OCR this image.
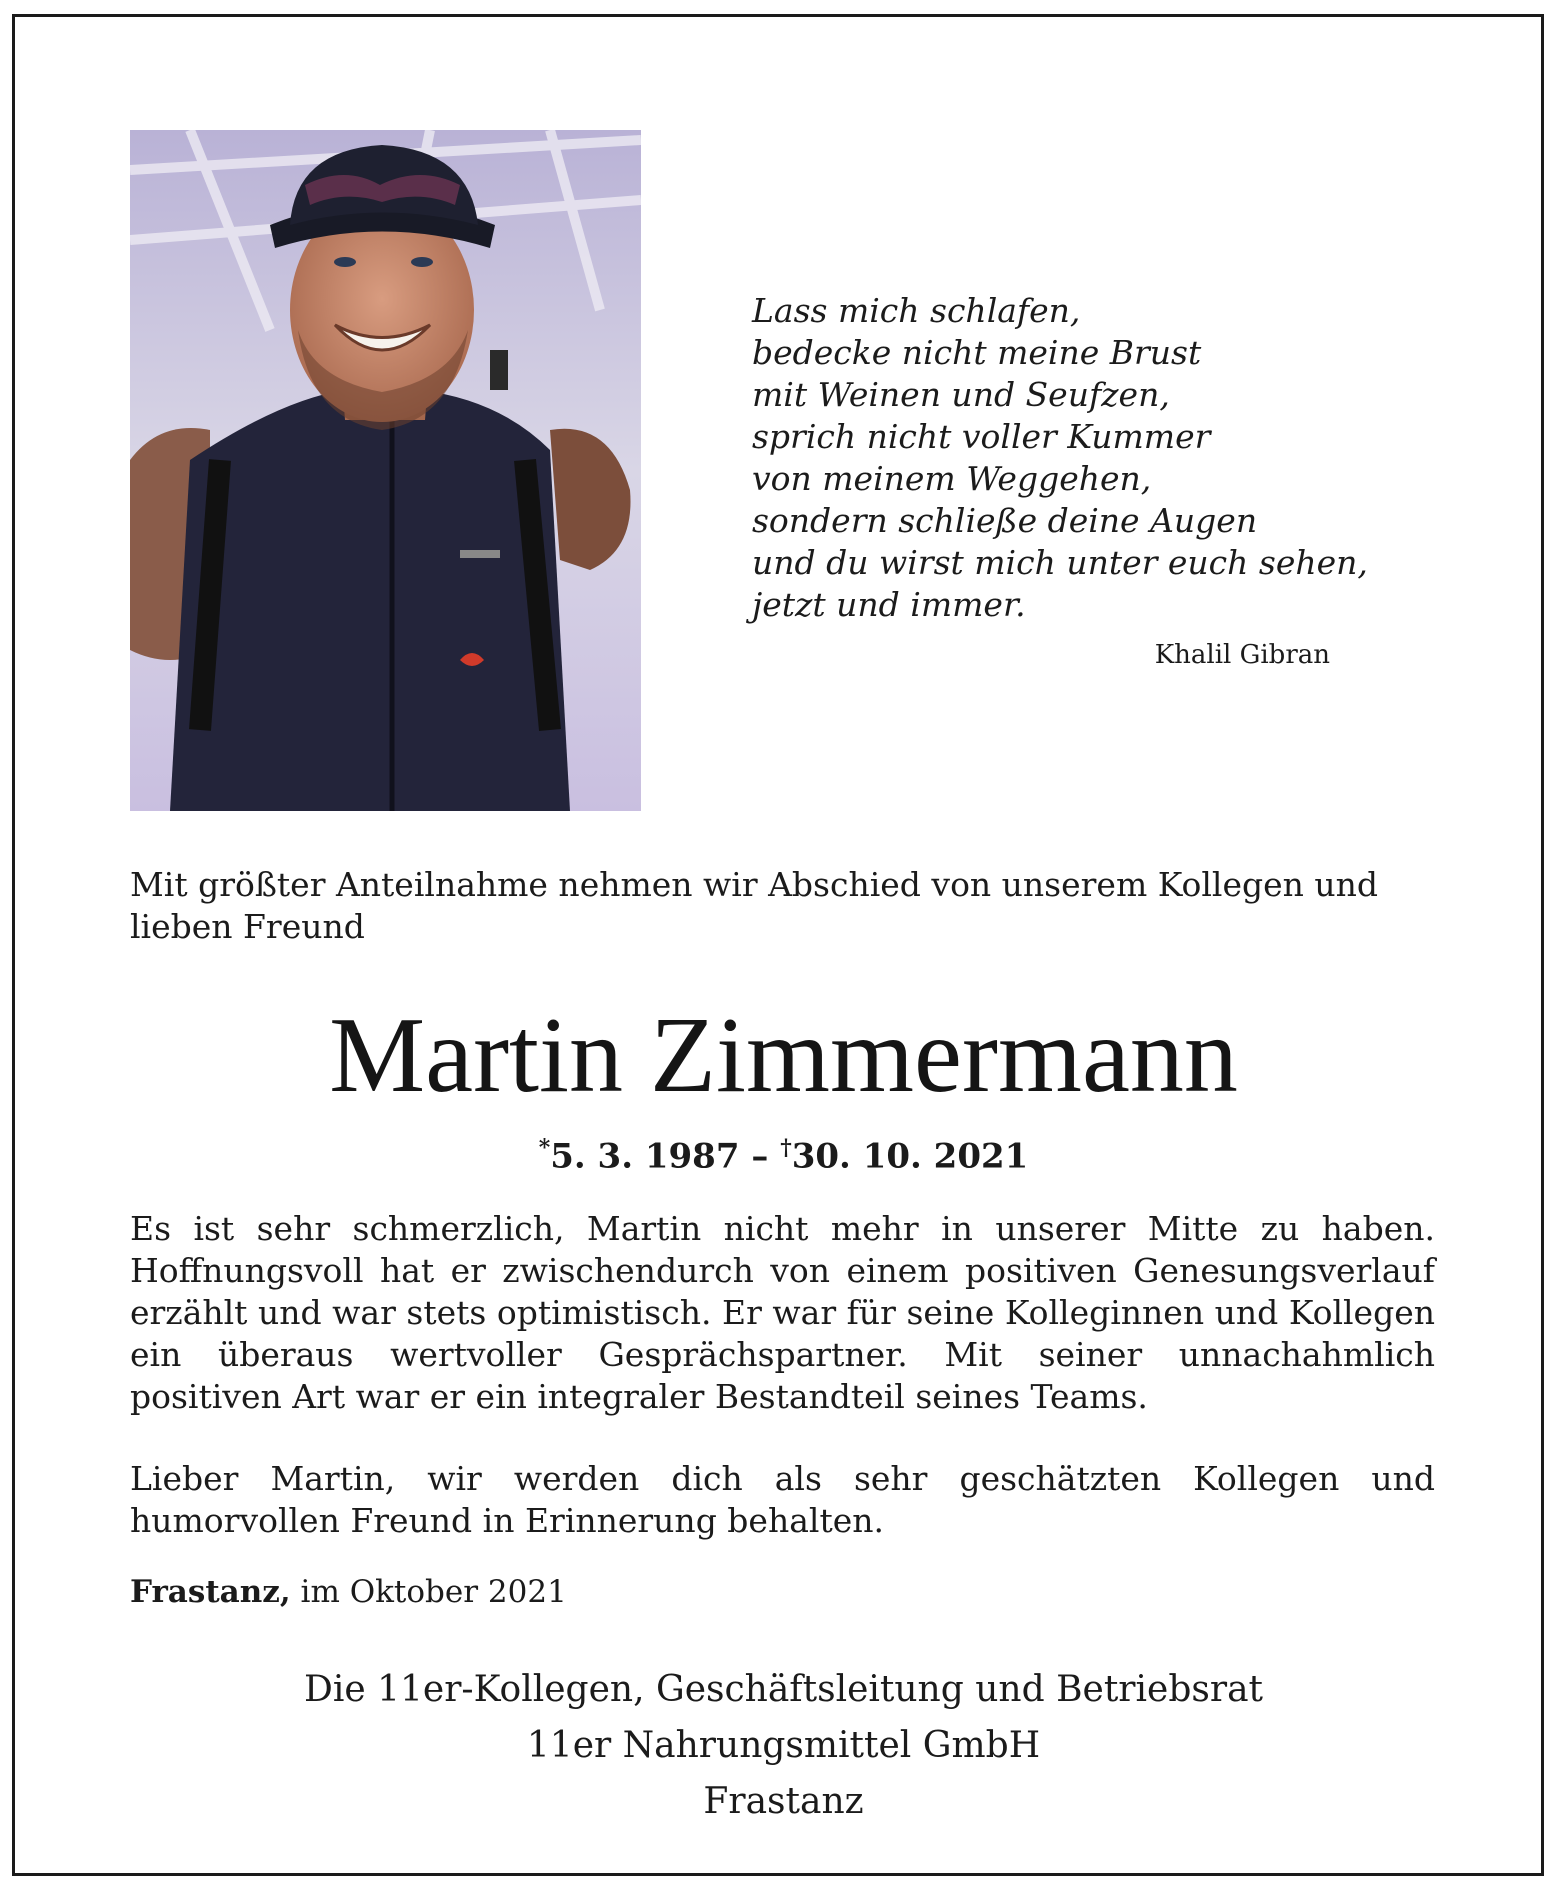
Lass mich schlafen,
bedecke nicht meine Brust
mit Weinen und Seufzen,
sprich nicht voller Kummer
von meinem Weggehen,
sondern schließe deine Augen
und du wirst mich unter euch sehen,
jetzt und immer.
Khalil Gibran
Mit größter Anteilnahme nehmen wir Abschied von unserem Kollegen und lieben Freund
Martin Zimmermann
*5. 3. 1987 – †30. 10. 2021
Es ist sehr schmerzlich, Martin nicht mehr in unserer Mitte zu haben. Hoffnungsvoll hat er zwischendurch von einem positiven Genesungsverlauf erzählt und war stets optimistisch. Er war für seine Kolleginnen und Kollegen ein überaus wertvoller Gesprächspartner. Mit seiner unnachahmlich positiven Art war er ein integraler Bestandteil seines Teams.
Lieber Martin, wir werden dich als sehr geschätzten Kollegen und humorvollen Freund in Erinnerung behalten.
Frastanz, im Oktober 2021
Die 11er-Kollegen, Geschäftsleitung und Betriebsrat
11er Nahrungsmittel GmbH
Frastanz
